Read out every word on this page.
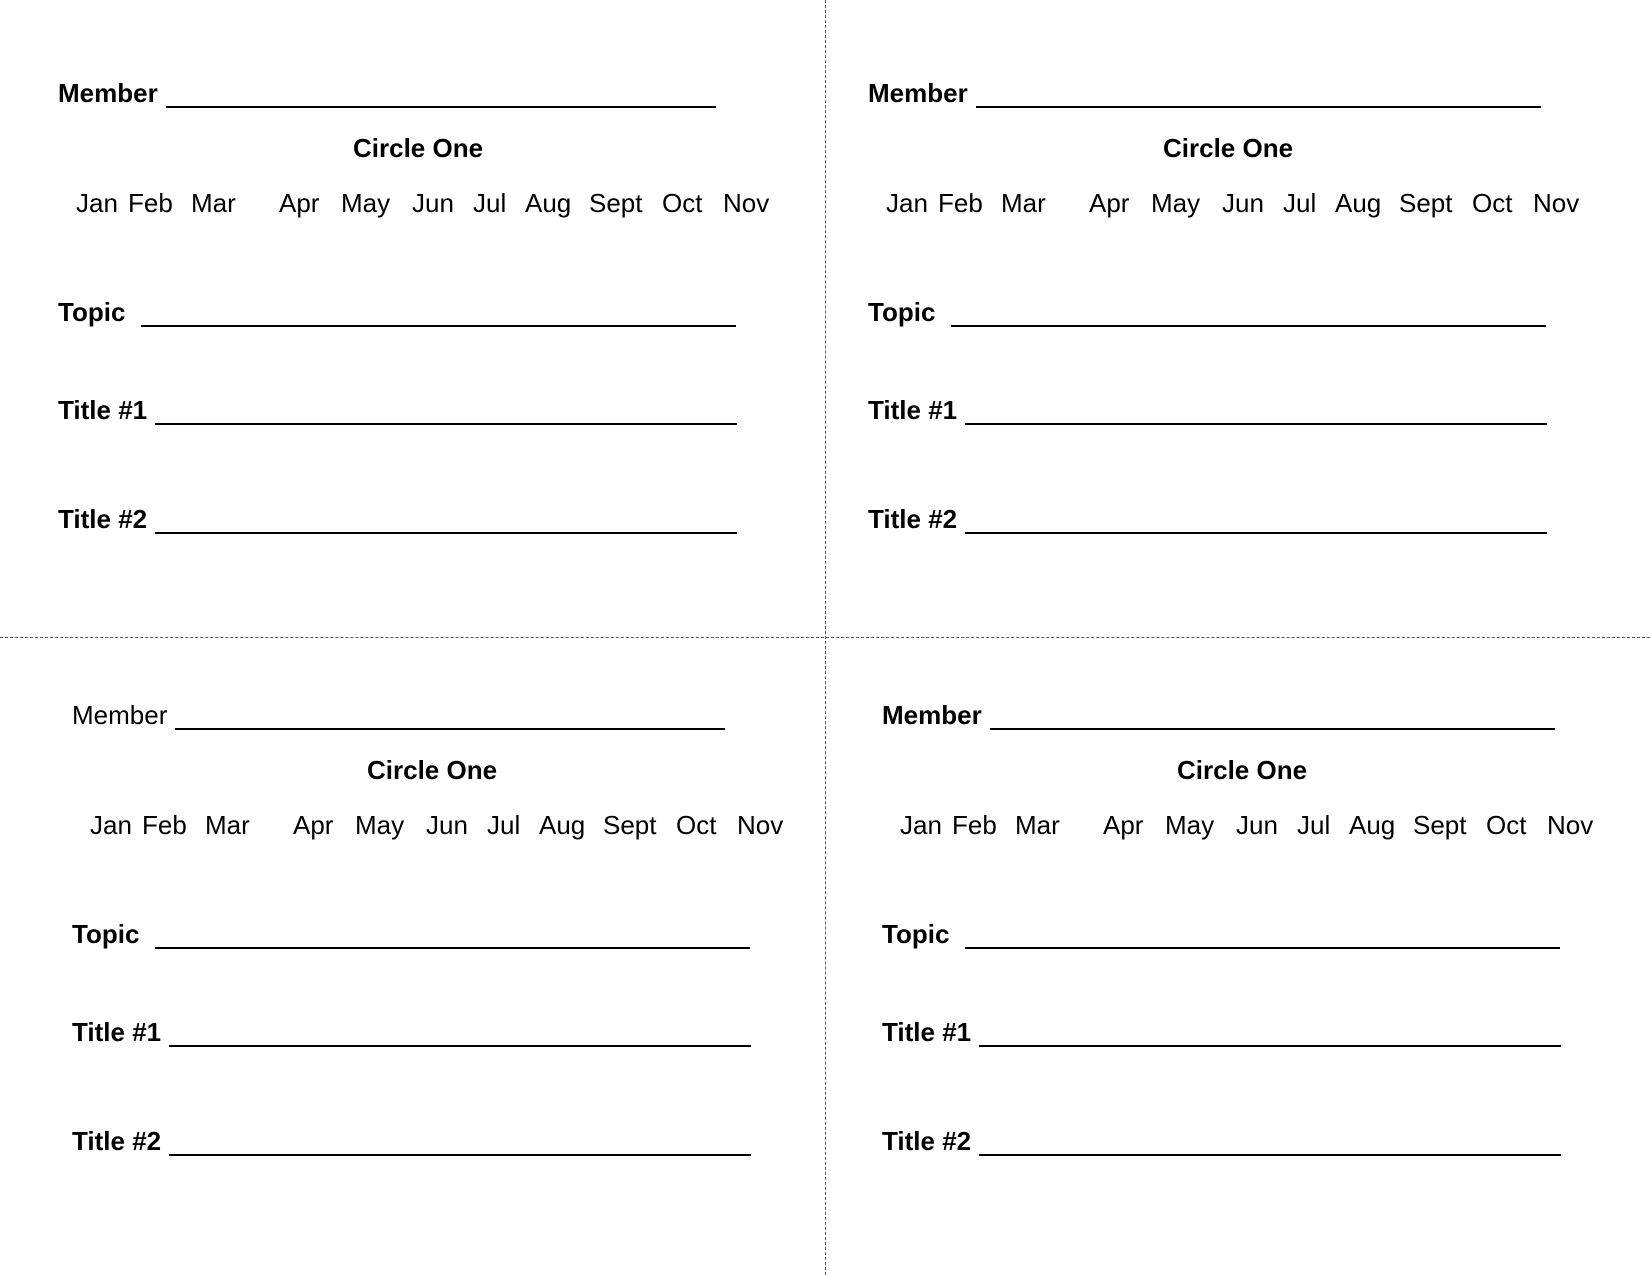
Member
Circle One
Jan Feb Mar Apr May Jun Jul Aug Sept Oct Nov
Topic
Title #1
Title #2
Member
Circle One
Jan Feb Mar Apr May Jun Jul Aug Sept Oct Nov
Topic
Title #1
Title #2
Member
Circle One
Jan Feb Mar Apr May Jun Jul Aug Sept Oct Nov
Topic
Title #1
Title #2
Member
Circle One
Jan Feb Mar Apr May Jun Jul Aug Sept Oct Nov
Topic
Title #1
Title #2
